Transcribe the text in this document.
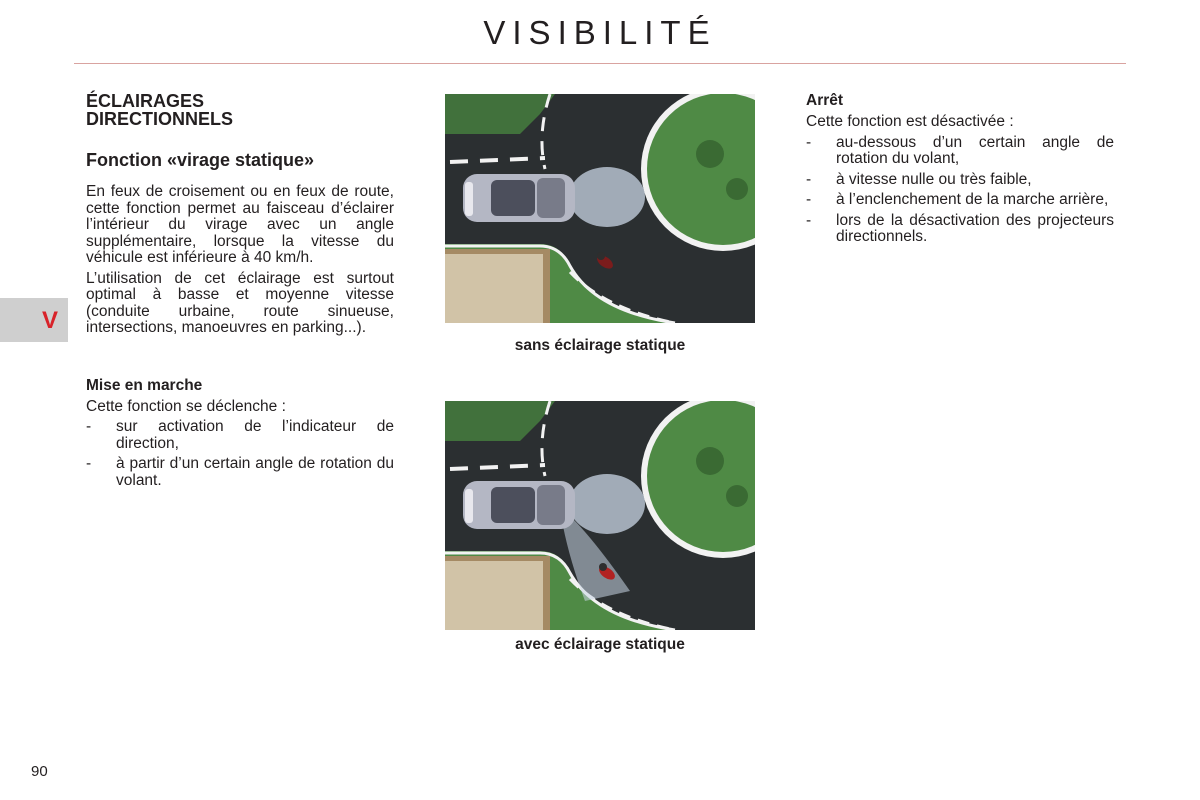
VISIBILITÉ
V
ÉCLAIRAGES DIRECTIONNELS
Fonction «virage statique»

En feux de croisement ou en feux de route, cette fonction permet au faisceau d’éclairer l’intérieur du virage avec un angle supplémentaire, lorsque la vitesse du véhicule est inférieure à 40 km/h.

L’utilisation de cet éclairage est surtout optimal à basse et moyenne vitesse (conduite urbaine, route sinueuse, intersections, manoeuvres en parking...).

Mise en marche

Cette fonction se déclenche :

- sur activation de l’indicateur de direction,
- à partir d’un certain angle de rotation du volant.
sans éclairage statique
avec éclairage statique
Arrêt

Cette fonction est désactivée :

- au-dessous d’un certain angle de rotation du volant,
- à vitesse nulle ou très faible,
- à l’enclenchement de la marche arrière,
- lors de la désactivation des projecteurs directionnels.
90
